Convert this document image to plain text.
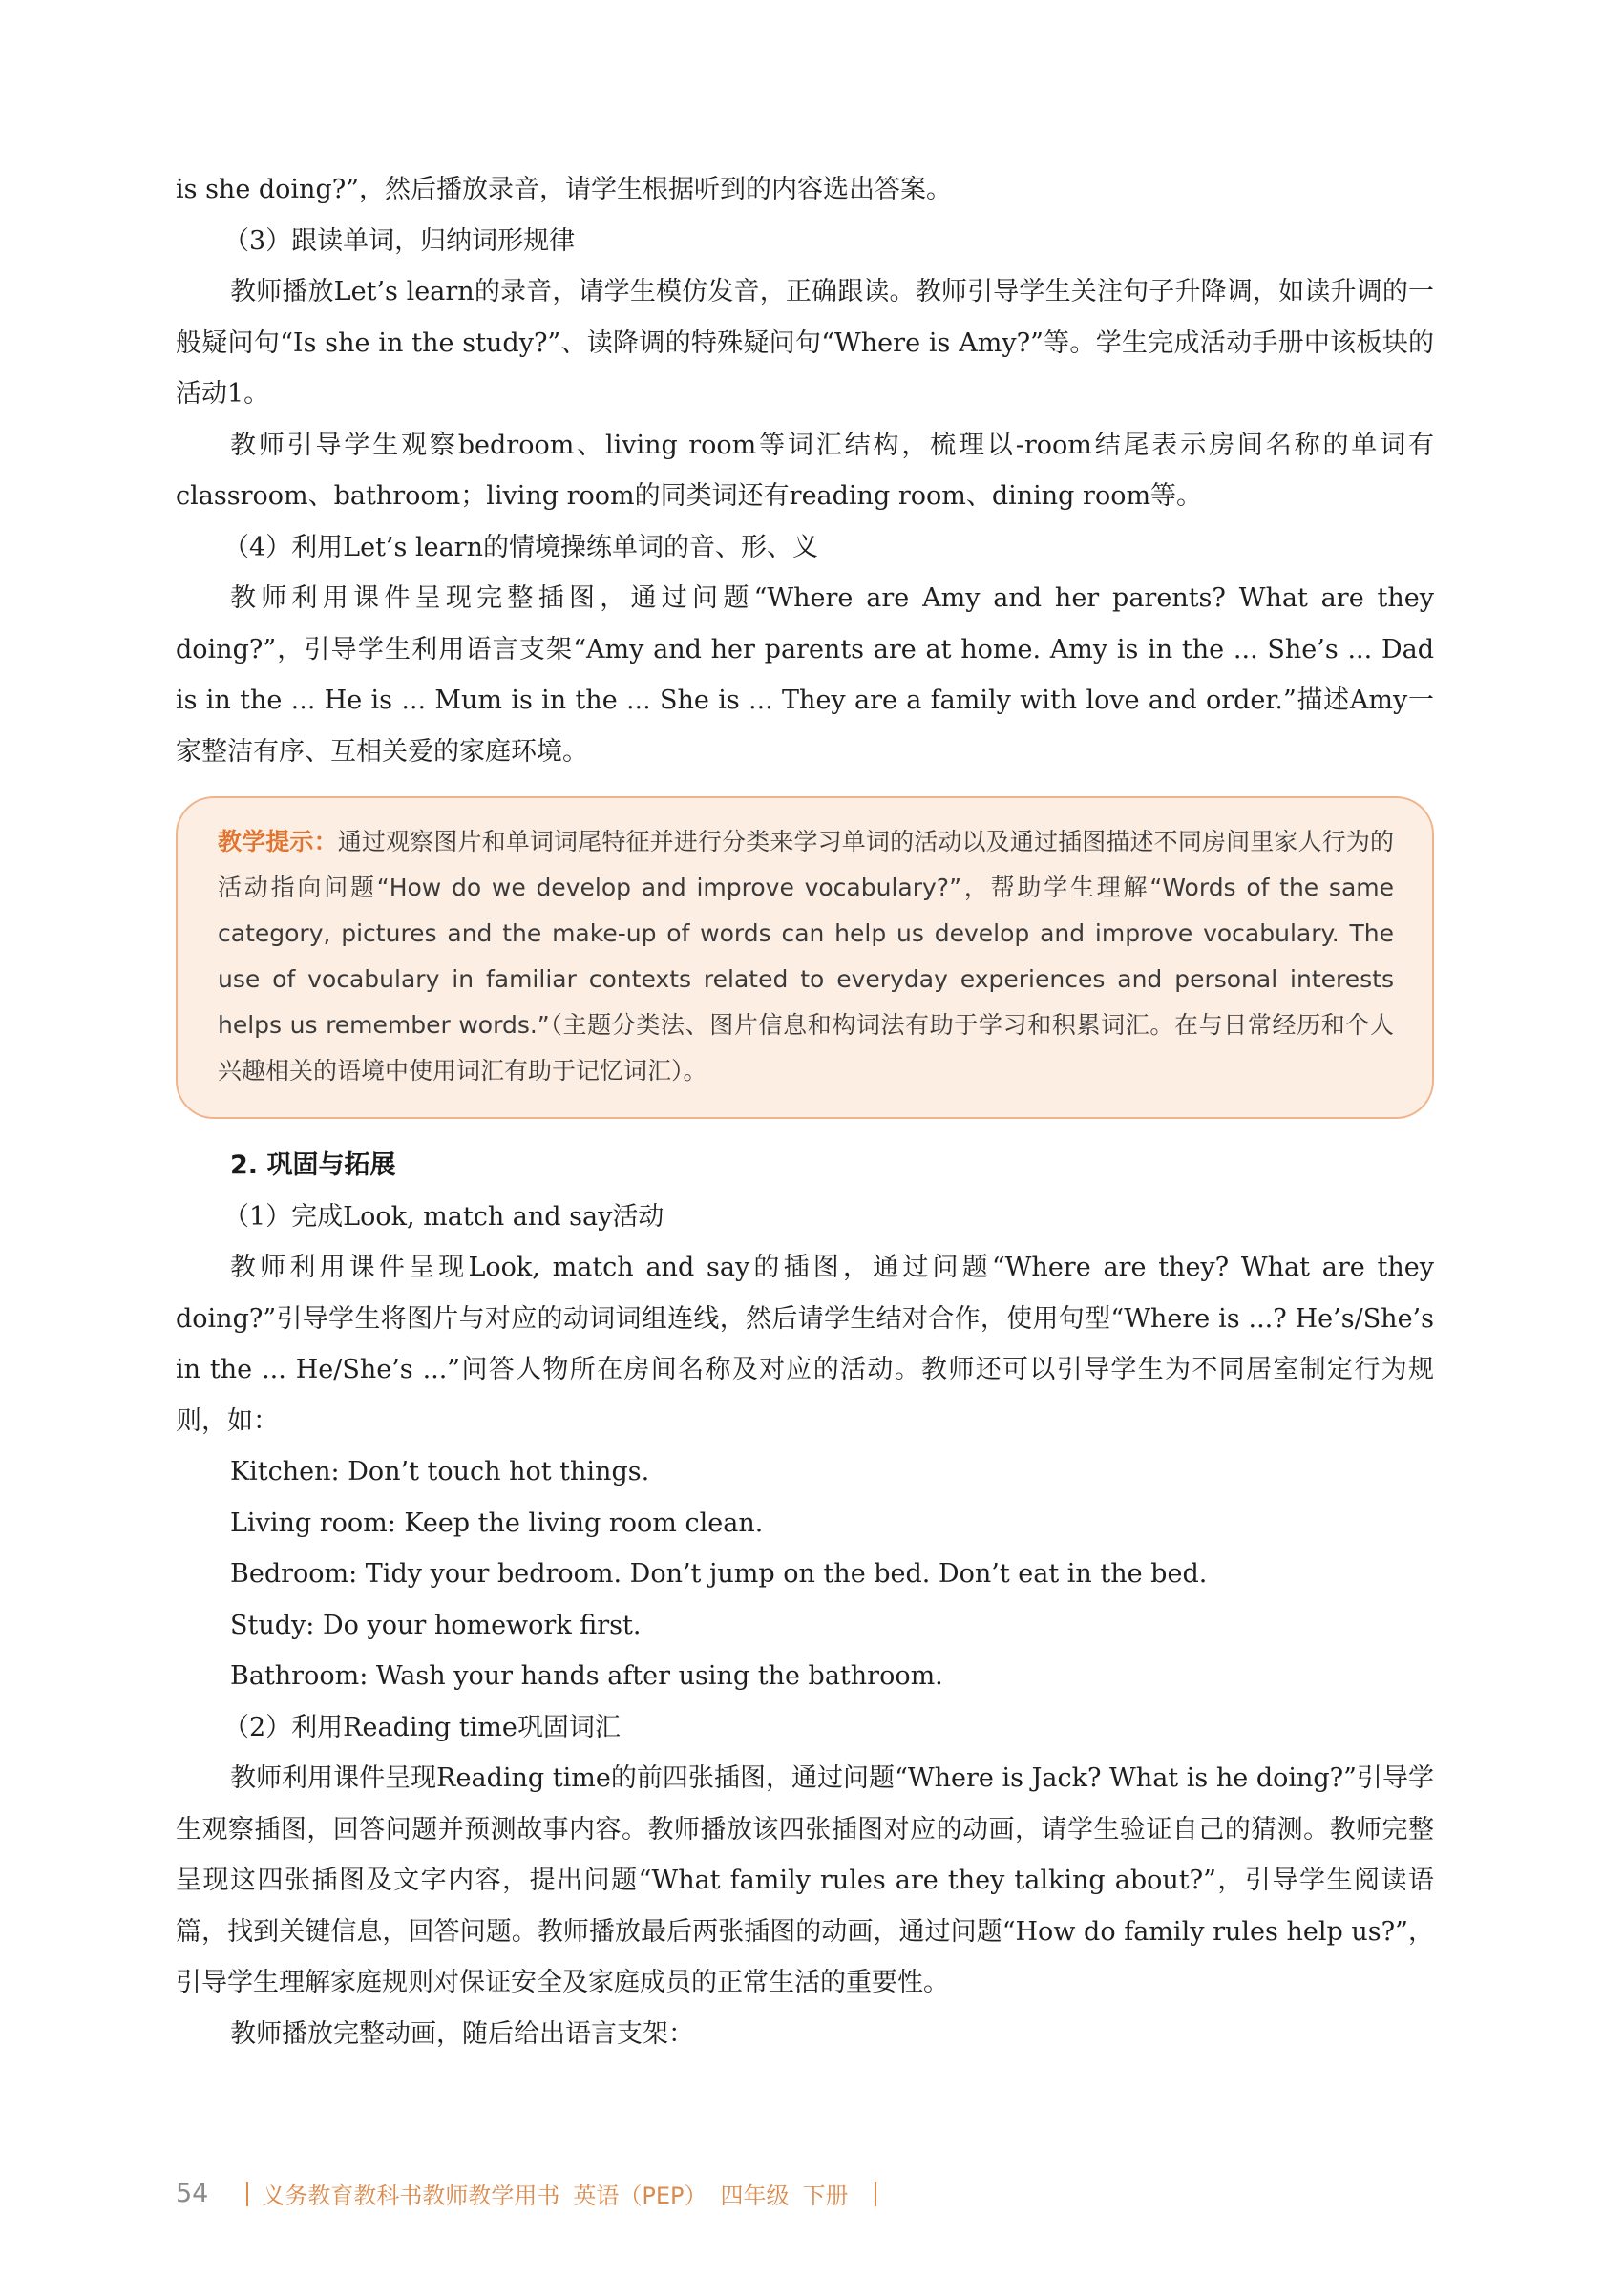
is she doing?”，然后播放录音，请学生根据听到的内容选出答案。

（3）跟读单词，归纳词形规律

教师播放Let’s learn的录音，请学生模仿发音，正确跟读。教师引导学生关注句子升降调，如读升调的一般疑问句“Is she in the study?”、读降调的特殊疑问句“Where is Amy?”等。学生完成活动手册中该板块的活动1。

教师引导学生观察bedroom、living room等词汇结构，梳理以-room结尾表示房间名称的单词有classroom、bathroom；living room的同类词还有reading room、dining room等。

（4）利用Let’s learn的情境操练单词的音、形、义

教师利用课件呈现完整插图，通过问题“Where are Amy and her parents? What are they doing?”，引导学生利用语言支架“Amy and her parents are at home. Amy is in the ... She’s ... Dad is in the ... He is ... Mum is in the ... She is ... They are a family with love and order.”描述Amy一家整洁有序、互相关爱的家庭环境。

教学提示：通过观察图片和单词词尾特征并进行分类来学习单词的活动以及通过插图描述不同房间里家人行为的活动指向问题“How do we develop and improve vocabulary?”，帮助学生理解“Words of the same category, pictures and the make-up of words can help us develop and improve vocabulary. The use of vocabulary in familiar contexts related to everyday experiences and personal interests helps us remember words.”（主题分类法、图片信息和构词法有助于学习和积累词汇。在与日常经历和个人兴趣相关的语境中使用词汇有助于记忆词汇）。

2. 巩固与拓展

（1）完成Look, match and say活动

教师利用课件呈现Look, match and say的插图，通过问题“Where are they? What are they doing?”引导学生将图片与对应的动词词组连线，然后请学生结对合作，使用句型“Where is ...? He’s/She’s in the ... He/She’s ...”问答人物所在房间名称及对应的活动。教师还可以引导学生为不同居室制定行为规则，如：

Kitchen: Don’t touch hot things.

Living room: Keep the living room clean.

Bedroom: Tidy your bedroom. Don’t jump on the bed. Don’t eat in the bed.

Study: Do your homework first.

Bathroom: Wash your hands after using the bathroom.

（2）利用Reading time巩固词汇

教师利用课件呈现Reading time的前四张插图，通过问题“Where is Jack? What is he doing?”引导学生观察插图，回答问题并预测故事内容。教师播放该四张插图对应的动画，请学生验证自己的猜测。教师完整呈现这四张插图及文字内容，提出问题“What family rules are they talking about?”，引导学生阅读语篇，找到关键信息，回答问题。教师播放最后两张插图的动画，通过问题“How do family rules help us?”，引导学生理解家庭规则对保证安全及家庭成员的正常生活的重要性。

教师播放完整动画，随后给出语言支架：

54 义务教育教科书教师教学用书 英语（PEP） 四年级 下册
